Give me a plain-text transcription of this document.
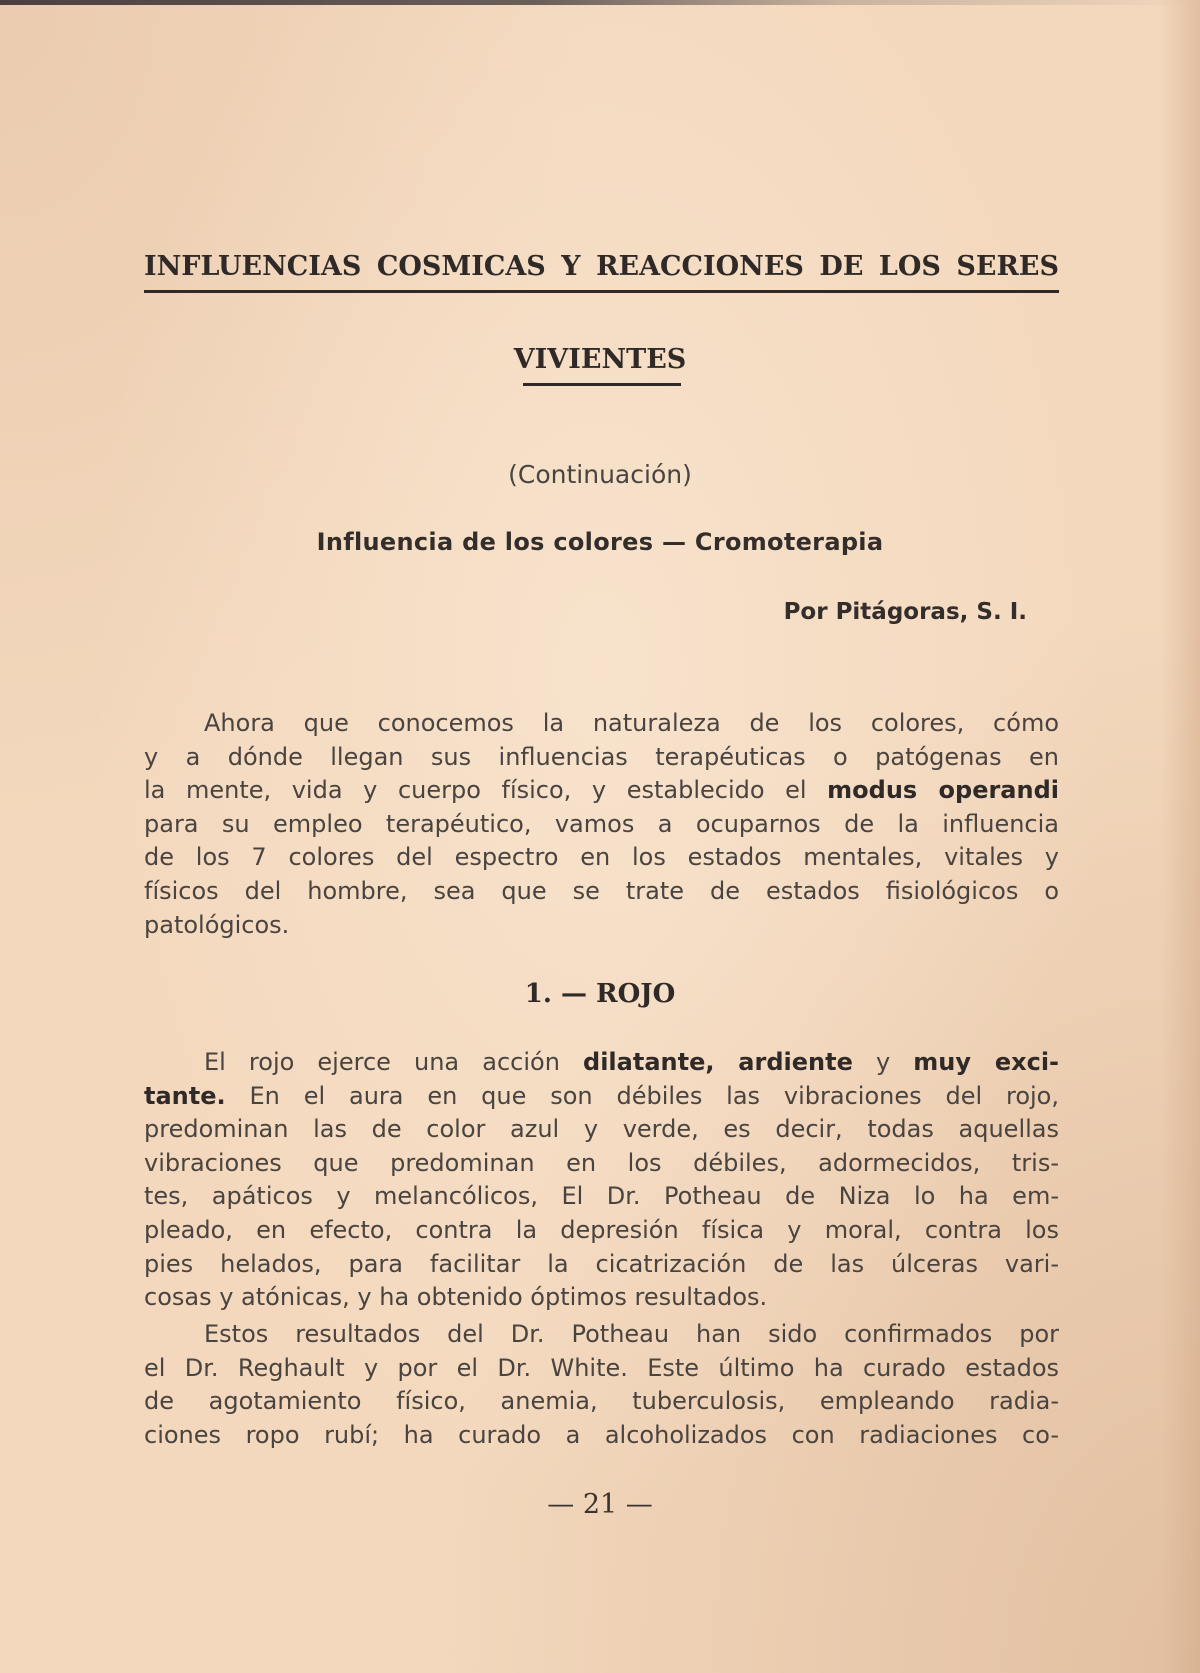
INFLUENCIAS COSMICAS Y REACCIONES DE LOS SERES
VIVIENTES
(Continuación)
Influencia de los colores — Cromoterapia
Por Pitágoras, S. I.
Ahora que conocemos la naturaleza de los colores, cómo
y a dónde llegan sus influencias terapéuticas o patógenas en
la mente, vida y cuerpo físico, y establecido el modus operandi
para su empleo terapéutico, vamos a ocuparnos de la influencia
de los 7 colores del espectro en los estados mentales, vitales y
físicos del hombre, sea que se trate de estados fisiológicos o
patológicos.
1. — ROJO
El rojo ejerce una acción dilatante, ardiente y muy exci-
tante. En el aura en que son débiles las vibraciones del rojo,
predominan las de color azul y verde, es decir, todas aquellas
vibraciones que predominan en los débiles, adormecidos, tris-
tes, apáticos y melancólicos, El Dr. Potheau de Niza lo ha em-
pleado, en efecto, contra la depresión física y moral, contra los
pies helados, para facilitar la cicatrización de las úlceras vari-
cosas y atónicas, y ha obtenido óptimos resultados.
Estos resultados del Dr. Potheau han sido confirmados por
el Dr. Reghault y por el Dr. White. Este último ha curado estados
de agotamiento físico, anemia, tuberculosis, empleando radia-
ciones ropo rubí; ha curado a alcoholizados con radiaciones co-
— 21 —
